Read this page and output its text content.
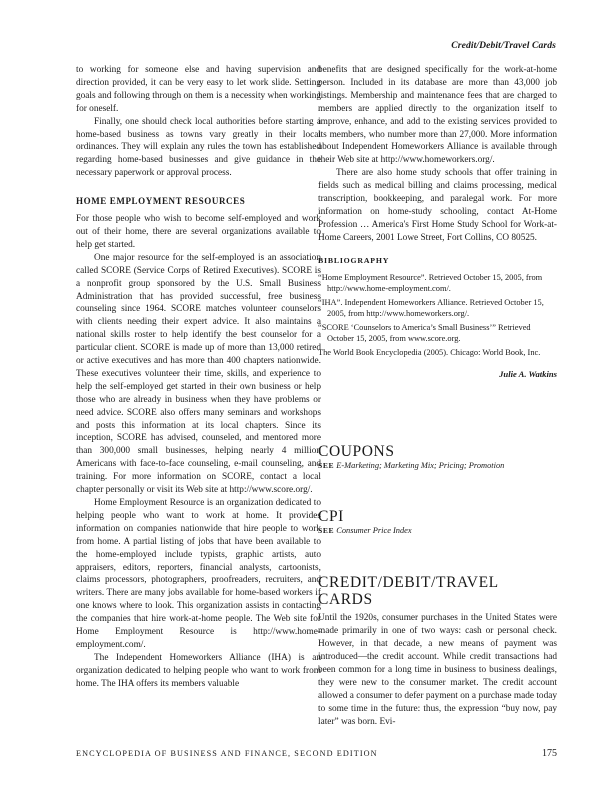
Credit/Debit/Travel Cards

to working for someone else and having supervision and direction provided, it can be very easy to let work slide. Setting goals and following through on them is a necessity when working for oneself.

Finally, one should check local authorities before starting a home-based business as towns vary greatly in their local ordinances. They will explain any rules the town has established regarding home-based businesses and give guidance in the necessary paperwork or approval process.

HOME EMPLOYMENT RESOURCES

For those people who wish to become self-employed and work out of their home, there are several organizations available to help get started.

One major resource for the self-employed is an association called SCORE (Service Corps of Retired Executives). SCORE is a nonprofit group sponsored by the U.S. Small Business Administration that has provided successful, free business counseling since 1964. SCORE matches volunteer counselors with clients needing their expert advice. It also maintains a national skills roster to help identify the best counselor for a particular client. SCORE is made up of more than 13,000 retired or active executives and has more than 400 chapters nationwide. These executives volunteer their time, skills, and experience to help the self-employed get started in their own business or help those who are already in business when they have problems or need advice. SCORE also offers many seminars and workshops and posts this information at its local chapters. Since its inception, SCORE has advised, counseled, and mentored more than 300,000 small businesses, helping nearly 4 million Americans with face-to-face counseling, e-mail counseling, and training. For more information on SCORE, contact a local chapter personally or visit its Web site at http://www.score.org/.

Home Employment Resource is an organization dedicated to helping people who want to work at home. It provides information on companies nationwide that hire people to work from home. A partial listing of jobs that have been available to the home-employed include typists, graphic artists, auto appraisers, editors, reporters, financial analysts, cartoonists, claims processors, photographers, proofreaders, recruiters, and writers. There are many jobs available for home-based workers if one knows where to look. This organization assists in contacting the companies that hire work-at-home people. The Web site for Home Employment Resource is http://www.home-employment.com/.

The Independent Homeworkers Alliance (IHA) is an organization dedicated to helping people who want to work from home. The IHA offers its members valuable

benefits that are designed specifically for the work-at-home person. Included in its database are more than 43,000 job listings. Membership and maintenance fees that are charged to members are applied directly to the organization itself to improve, enhance, and add to the existing services provided to its members, who number more than 27,000. More information about Independent Homeworkers Alliance is available through their Web site at http://www.homeworkers.org/.

There are also home study schools that offer training in fields such as medical billing and claims processing, medical transcription, bookkeeping, and paralegal work. For more information on home-study schooling, contact At-Home Profession … America's First Home Study School for Work-at-Home Careers, 2001 Lowe Street, Fort Collins, CO 80525.

BIBLIOGRAPHY
“Home Employment Resource”. Retrieved October 15, 2005, from http://www.home-employment.com/.
“IHA”. Independent Homeworkers Alliance. Retrieved October 15, 2005, from http://www.homeworkers.org/.
“SCORE ‘Counselors to America’s Small Business’” Retrieved October 15, 2005, from www.score.org.
The World Book Encyclopedia (2005). Chicago: World Book, Inc.
Julie A. Watkins
COUPONS

SEE E-Marketing; Marketing Mix; Pricing; Promotion

CPI

SEE Consumer Price Index

CREDIT/DEBIT/TRAVEL
CARDS

Until the 1920s, consumer purchases in the United States were made primarily in one of two ways: cash or personal check. However, in that decade, a new means of payment was introduced—the credit account. While credit transactions had been common for a long time in business to business dealings, they were new to the consumer market. The credit account allowed a consumer to defer payment on a purchase made today to some time in the future: thus, the expression “buy now, pay later” was born. Evi-

ENCYCLOPEDIA OF BUSINESS AND FINANCE, SECOND EDITION	175
